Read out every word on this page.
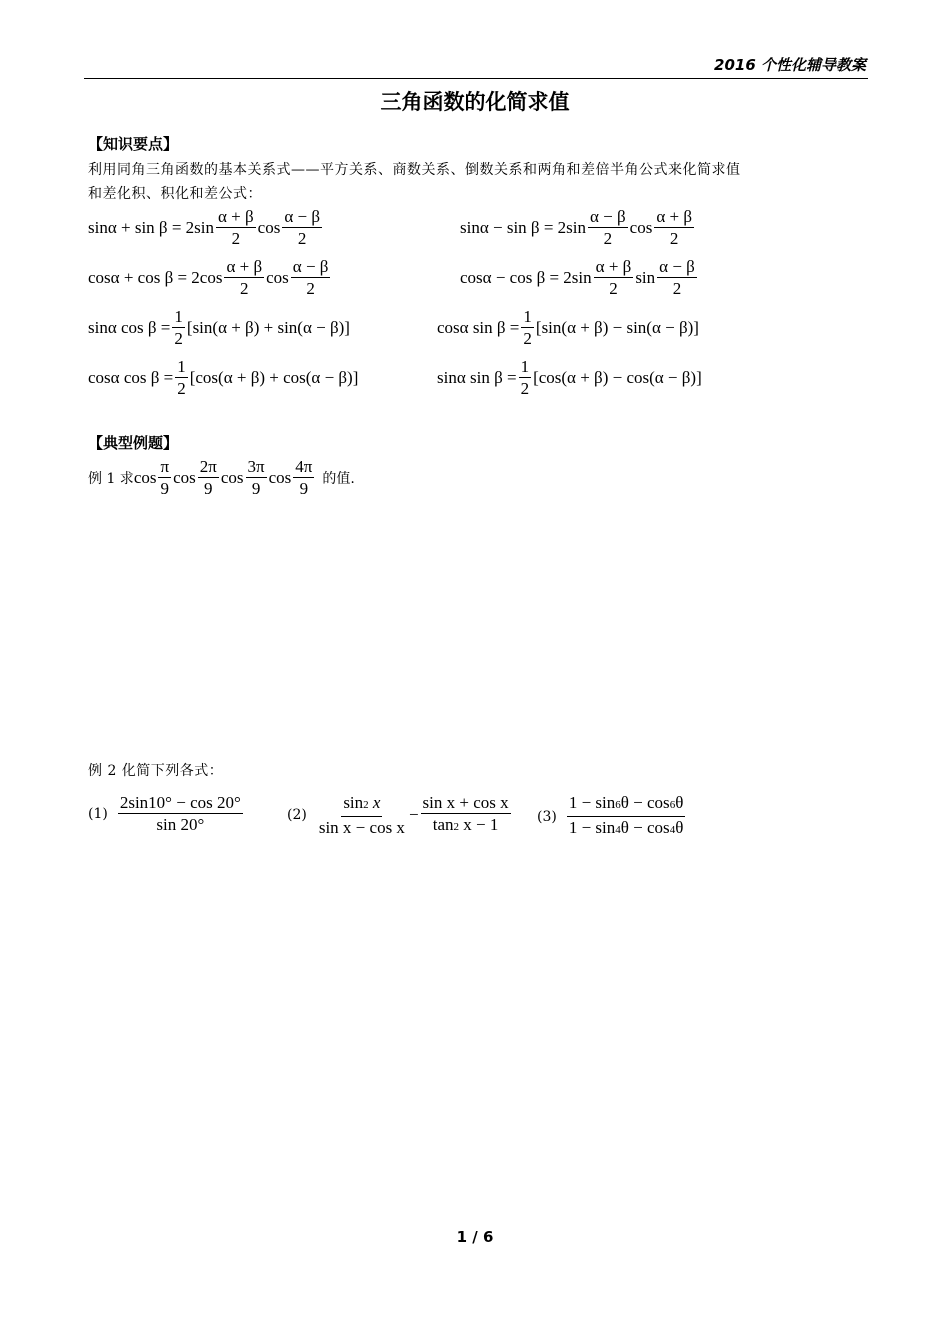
2016 个性化辅导教案
三角函数的化简求值
【知识要点】
利用同角三角函数的基本关系式——平方关系、商数关系、倒数关系和两角和差倍半角公式来化简求值
和差化积、积化和差公式：
$\sin\alpha + \sin \beta = 2\sin \frac{\alpha + \beta}{2}$ $\cos \frac{\alpha - \beta}{2}$	$\sin\alpha - \sin \beta = 2\sin \frac{\alpha - \beta}{2}$ $\cos \frac{\alpha + \beta}{2}$
$\cos\alpha + \cos \beta = 2\cos \frac{\alpha + \beta}{2}$ $\cos \frac{\alpha - \beta}{2}$	$\cos\alpha - \cos \beta = 2\sin \frac{\alpha + \beta}{2}$ $\sin \frac{\alpha - \beta}{2}$
sinα $\cos \beta = \frac{1}{2} [\sin(\alpha + \beta) + \sin(\alpha - \beta)]$	cosα $\sin \beta = \frac{1}{2} [\sin(\alpha + \beta) - \sin(\alpha - \beta)]$
cosα $\cos \beta = \frac{1}{2} [\cos(\alpha + \beta) + \cos(\alpha - \beta)]$	sinα $\sin \beta = \frac{1}{2} [\cos(\alpha + \beta) - \cos(\alpha - \beta)]$
【典型例题】
例 1 求 $\cos \frac{\pi}{9}$ $\cos \frac{2\pi}{9}$ $\cos \frac{3\pi}{9}$ $\cos \frac{4\pi}{9}$ 的值.
例 2 化简下列各式：
$(1) \frac{2\sin 10^\circ - \cos 20^\circ}{\sin 20^\circ}$	$(2) \frac{\sin 2 x}{\text{sin x − cos x}} - \frac{\text{sin x + cos x}}{\tan 2 x - 1} (3) \frac{1 - \sin 6\theta - \cos 6\theta}{1 - \sin 4\theta - \cos 4\theta}$
1 / 6
